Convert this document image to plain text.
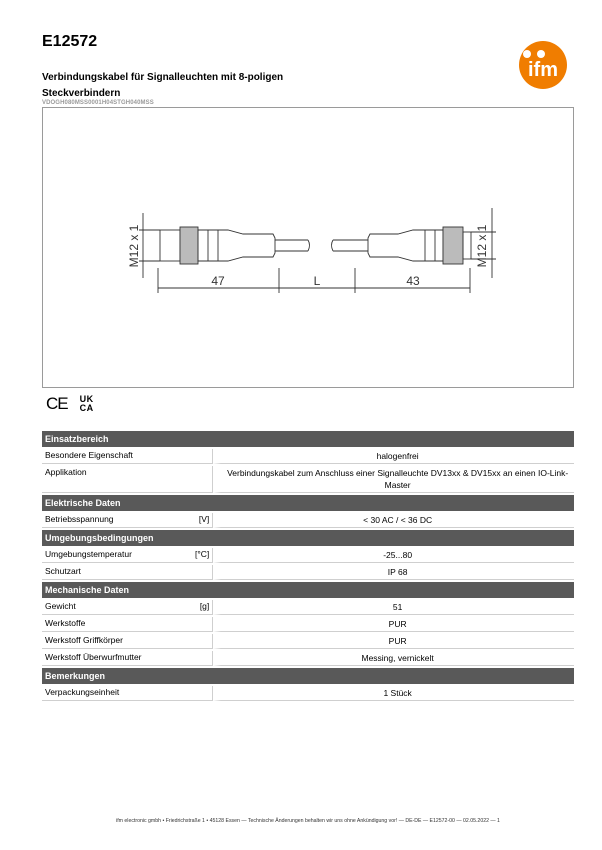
E12572
Verbindungskabel für Signalleuchten mit 8-poligen Steckverbindern
VDOGH080MSS0001H04STGH040MSS
ifm
M12 x 1	M12 x 1
47	L	43
CE UK
CA
Einsatzbereich		
Besondere Eigenschaft		halogenfrei
Applikation		Verbindungskabel zum Anschluss einer Signalleuchte DV13xx & DV15xx an einen IO-Link-Master
Elektrische Daten		
Betriebsspannung	[V]	< 30 AC / < 36 DC
Umgebungsbedingungen		
Umgebungstemperatur	[°C]	-25...80
Schutzart		IP 68
Mechanische Daten		
Gewicht	[g]	51
Werkstoffe		PUR
Werkstoff Griffkörper		PUR
Werkstoff Überwurfmutter		Messing, vernickelt
Bemerkungen		
Verpackungseinheit		1 Stück
ifm electronic gmbh • Friedrichstraße 1 • 45128 Essen — Technische Änderungen behalten wir uns ohne Ankündigung vor! — DE-DE — E12572-00 — 02.05.2022 — 1
